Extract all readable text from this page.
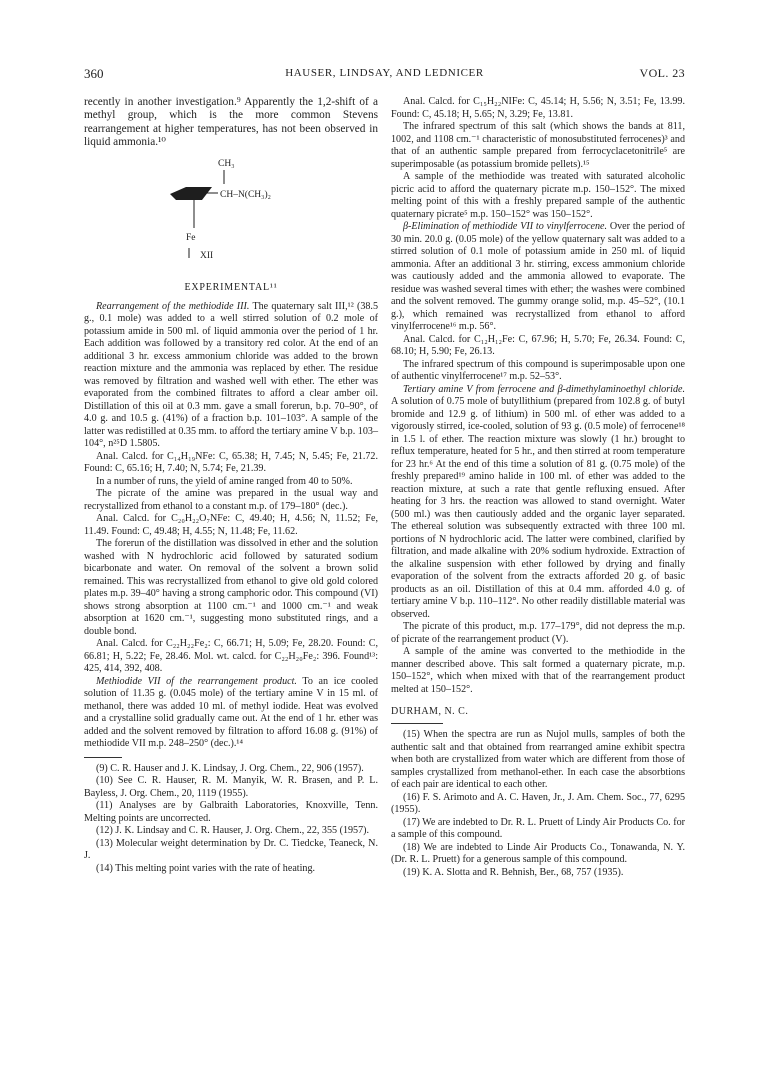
360	HAUSER, LINDSAY, AND LEDNICER	VOL. 23

recently in another investigation.⁹ Apparently the 1,2-shift of a methyl group, which is the more common Stevens rearrangement at higher temperatures, has not been observed in liquid ammonia.¹⁰

CH₃
CH–N(CH₃)₂
Fe
XII
EXPERIMENTAL¹¹

Rearrangement of the methiodide III. The quaternary salt III,¹² (38.5 g., 0.1 mole) was added to a well stirred solution of 0.2 mole of potassium amide in 500 ml. of liquid ammonia over the period of 1 hr. Each addition was followed by a transitory red color. At the end of an additional 3 hr. excess ammonium chloride was added to the brown reaction mixture and the ammonia was replaced by ether. The residue was removed by filtration and washed well with ether. The ether was evaporated from the combined filtrates to afford a clear amber oil. Distillation of this oil at 0.3 mm. gave a small forerun, b.p. 70–90°, of 4.0 g. and 10.5 g. (41%) of a fraction b.p. 101–103°. A sample of the latter was redistilled at 0.35 mm. to afford the tertiary amine V b.p. 103–104°, n²⁵D 1.5805.

Anal. Calcd. for C₁₄H₁₉NFe: C, 65.38; H, 7.45; N, 5.45; Fe, 21.72. Found: C, 65.16; H, 7.40; N, 5.74; Fe, 21.39.

In a number of runs, the yield of amine ranged from 40 to 50%.

The picrate of the amine was prepared in the usual way and recrystallized from ethanol to a constant m.p. of 179–180° (dec.).

Anal. Calcd. for C₂₀H₂₂O₇NFe: C, 49.40; H, 4.56; N, 11.52; Fe, 11.49. Found: C, 49.48; H, 4.55; N, 11.48; Fe, 11.62.

The forerun of the distillation was dissolved in ether and the solution washed with N hydrochloric acid followed by saturated sodium bicarbonate and water. On removal of the solvent a brown solid remained. This was recrystallized from ethanol to give old gold colored plates m.p. 39–40° having a strong camphoric odor. This compound (VI) shows strong absorption at 1100 cm.⁻¹ and 1000 cm.⁻¹ and weak absorption at 1620 cm.⁻¹, suggesting mono substituted rings, and a double bond.

Anal. Calcd. for C₂₂H₂₂Fe₂: C, 66.71; H, 5.09; Fe, 28.20. Found: C, 66.81; H, 5.22; Fe, 28.46. Mol. wt. calcd. for C₂₂H₂₀Fe₂: 396. Found¹³: 425, 414, 392, 408.

Methiodide VII of the rearrangement product. To an ice cooled solution of 11.35 g. (0.045 mole) of the tertiary amine V in 15 ml. of methanol, there was added 10 ml. of methyl iodide. Heat was evolved and a crystalline solid gradually came out. At the end of 1 hr. ether was added and the solvent removed by filtration to afford 16.08 g. (91%) of methiodide VII m.p. 248–250° (dec.).¹⁴

(9) C. R. Hauser and J. K. Lindsay, J. Org. Chem., 22, 906 (1957).

(10) See C. R. Hauser, R. M. Manyik, W. R. Brasen, and P. L. Bayless, J. Org. Chem., 20, 1119 (1955).

(11) Analyses are by Galbraith Laboratories, Knoxville, Tenn. Melting points are uncorrected.

(12) J. K. Lindsay and C. R. Hauser, J. Org. Chem., 22, 355 (1957).

(13) Molecular weight determination by Dr. C. Tiedcke, Teaneck, N. J.

(14) This melting point varies with the rate of heating.

Anal. Calcd. for C₁₅H₂₂NIFe: C, 45.14; H, 5.56; N, 3.51; Fe, 13.99. Found: C, 45.18; H, 5.65; N, 3.29; Fe, 13.81.

The infrared spectrum of this salt (which shows the bands at 811, 1002, and 1108 cm.⁻¹ characteristic of monosubstituted ferrocenes)³ and that of an authentic sample prepared from ferrocyclacetonitrile⁵ are superimposable (as potassium bromide pellets).¹⁵

A sample of the methiodide was treated with saturated alcoholic picric acid to afford the quaternary picrate m.p. 150–152°. The mixed melting point of this with a freshly prepared sample of the authentic quaternary picrate⁵ m.p. 150–152° was 150–152°.

β-Elimination of methiodide VII to vinylferrocene. Over the period of 30 min. 20.0 g. (0.05 mole) of the yellow quaternary salt was added to a stirred solution of 0.1 mole of potassium amide in 250 ml. of liquid ammonia. After an additional 3 hr. stirring, excess ammonium chloride was cautiously added and the ammonia allowed to evaporate. The residue was washed several times with ether; the washes were combined and the solvent removed. The gummy orange solid, m.p. 45–52°, (10.1 g.), which remained was recrystallized from ethanol to afford vinylferrocene¹⁶ m.p. 56°.

Anal. Calcd. for C₁₂H₁₂Fe: C, 67.96; H, 5.70; Fe, 26.34. Found: C, 68.10; H, 5.90; Fe, 26.13.

The infrared spectrum of this compound is superimposable upon one of authentic vinylferrocene¹⁷ m.p. 52–53°.

Tertiary amine V from ferrocene and β-dimethylaminoethyl chloride. A solution of 0.75 mole of butyllithium (prepared from 102.8 g. of butyl bromide and 12.9 g. of lithium) in 500 ml. of ether was added to a vigorously stirred, ice-cooled, solution of 93 g. (0.5 mole) of ferrocene¹⁸ in 1.5 l. of ether. The reaction mixture was slowly (1 hr.) brought to reflux temperature, heated for 5 hr., and then stirred at room temperature for 23 hr.⁶ At the end of this time a solution of 81 g. (0.75 mole) of the freshly prepared¹⁹ amino halide in 100 ml. of ether was added to the reaction mixture, at such a rate that gentle refluxing ensued. After heating for 3 hrs. the reaction was allowed to stand overnight. Water (500 ml.) was then cautiously added and the organic layer separated. The ethereal solution was subsequently extracted with three 100 ml. portions of N hydrochloric acid. The latter were combined, clarified by filtration, and made alkaline with 20% sodium hydroxide. Extraction of the alkaline suspension with ether followed by drying and finally evaporation of the solvent from the extracts afforded 20 g. of basic products as an oil. Distillation of this at 0.4 mm. afforded 4.0 g. of tertiary amine V b.p. 110–112°. No other readily distillable material was observed.

The picrate of this product, m.p. 177–179°, did not depress the m.p. of picrate of the rearrangement product (V).

A sample of the amine was converted to the methiodide in the manner described above. This salt formed a quaternary picrate, m.p. 150–152°, which when mixed with that of the rearrangement product melted at 150–152°.

DURHAM, N. C.

(15) When the spectra are run as Nujol mulls, samples of both the authentic salt and that obtained from rearranged amine exhibit spectra when both are crystallized from water which are different from those of samples crystallized from methanol-ether. In each case the absorbtions of each pair are identical to each other.

(16) F. S. Arimoto and A. C. Haven, Jr., J. Am. Chem. Soc., 77, 6295 (1955).

(17) We are indebted to Dr. R. L. Pruett of Lindy Air Products Co. for a sample of this compound.

(18) We are indebted to Linde Air Products Co., Tonawanda, N. Y. (Dr. R. L. Pruett) for a generous sample of this compound.

(19) K. A. Slotta and R. Behnish, Ber., 68, 757 (1935).
